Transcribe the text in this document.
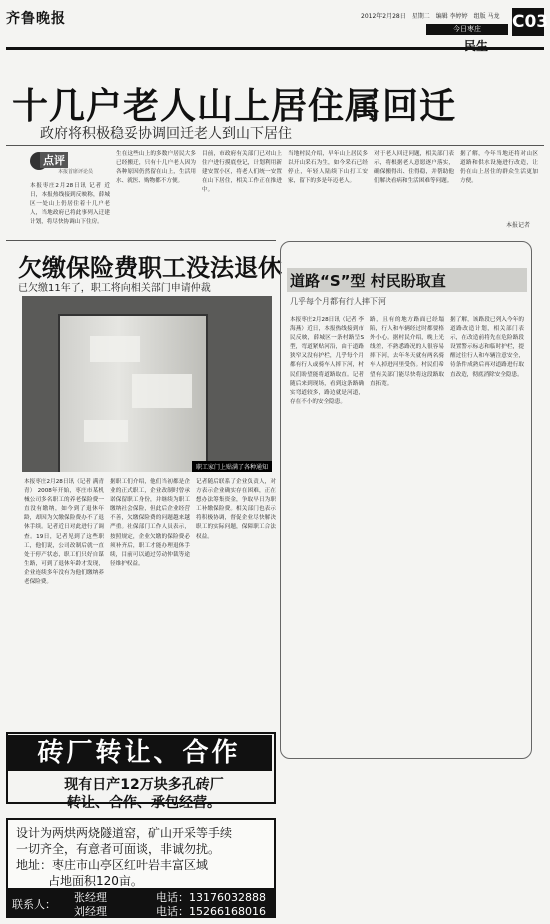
齐鲁晚报	2012年2月28日　星期二　编辑 李婷婷　组版 马龙
今日枣庄
民生
C03
十几户老人山上居住属回迁
政府将积极稳妥协调回迁老人到山下居住
点评
本报首席评论员
本报枣庄2月28日讯 记者 近日，本报热线接到反映称，薛城区一处山上仍居住着十几户老人，当地政府已将此事列入迁建计划，将尽快协调山下住房。
生在这些山上的多数户居民大多已经搬迁，只有十几户老人因为各种原因仍然留在山上，生活用水、就医、购物都不方便。
目前，市政府有关部门已对山上住户进行摸底登记，计划利用新建安置小区，将老人们统一安置在山下居住，相关工作正在推进中。
当地村民介绍，早年山上居民多以开山采石为生，如今采石已经停止，年轻人陆续下山打工安家，留下的多是年迈老人。
对于老人回迁问题，相关部门表示，将根据老人意愿逐户落实，确保搬得出、住得稳，并帮助他们解决看病和生活困难等问题。
据了解，今年当地还将对山区道路和供水设施进行改造，让仍在山上居住的群众生活更加方便。
本报记者
欠缴保险费职工没法退休
已欠缴11年了，职工将向相关部门申请仲裁
职工家门上贴满了各种通知
本报枣庄2月28日讯（记者 满青青） 2008年开始，枣庄市某机械公司多名职工的养老保险费一直没有缴纳，如今到了退休年龄，却因为欠缴保险费办不了退休手续。记者近日对此进行了调查。19日，记者见到了这些职工，他们说，公司改制后就一直处于停产状态，职工们只好自谋生路，可到了退休年龄才发现，企业连续多年没有为他们缴纳养老保险费。
据职工们介绍，他们当初都是企业的正式职工，企业改制时曾承诺保留职工身份，并继续为职工缴纳社会保险，但此后企业经营不善，欠缴保险费的问题越来越严重。社保部门工作人员表示，按照规定，企业欠缴的保险费必须补齐后，职工才能办理退休手续，目前可以通过劳动仲裁等途径维护权益。
记者随后联系了企业负责人，对方表示企业确实存在困难，正在想办法筹集资金，争取早日为职工补缴保险费。相关部门也表示将积极协调，督促企业尽快解决职工的实际问题，保障职工合法权益。
道路“S”型 村民盼取直
几乎每个月都有行人摔下河
本报枣庄2月28日讯（记者 李海燕）近日，本报热线接到市民反映，薛城区一条村路呈S型，弯道紧贴河沿，由于道路狭窄又没有护栏，几乎每个月都有行人或骑车人摔下河，村民们盼望能将道路取直。记者随后来到现场，看到这条路确实弯道较多，路边就是河道，存在不小的安全隐患。
路，且有的地方路面已经塌陷，行人和车辆经过时都要格外小心。据村民介绍，晚上光线差，不熟悉路况的人很容易摔下河，去年冬天就有两名骑车人掉进河里受伤。村民们希望有关部门能尽快将这段路取直拓宽。
据了解，该路段已列入今年的道路改造计划，相关部门表示，在改造前将先在危险路段设置警示标志和临时护栏，提醒过往行人和车辆注意安全，待条件成熟后再对道路进行取直改造，彻底消除安全隐患。
砖厂转让、合作
现有日产12万块多孔砖厂
转让、合作、承包经营。
设计为两烘两烧隧道窑，矿山开采等手续
一切齐全，有意者可面谈，非诚勿扰。
地址：枣庄市山亭区红叶岩丰富区域
占地面积120亩。
联系人：
张经理	电话：13176032888
刘经理	电话：15266168016
